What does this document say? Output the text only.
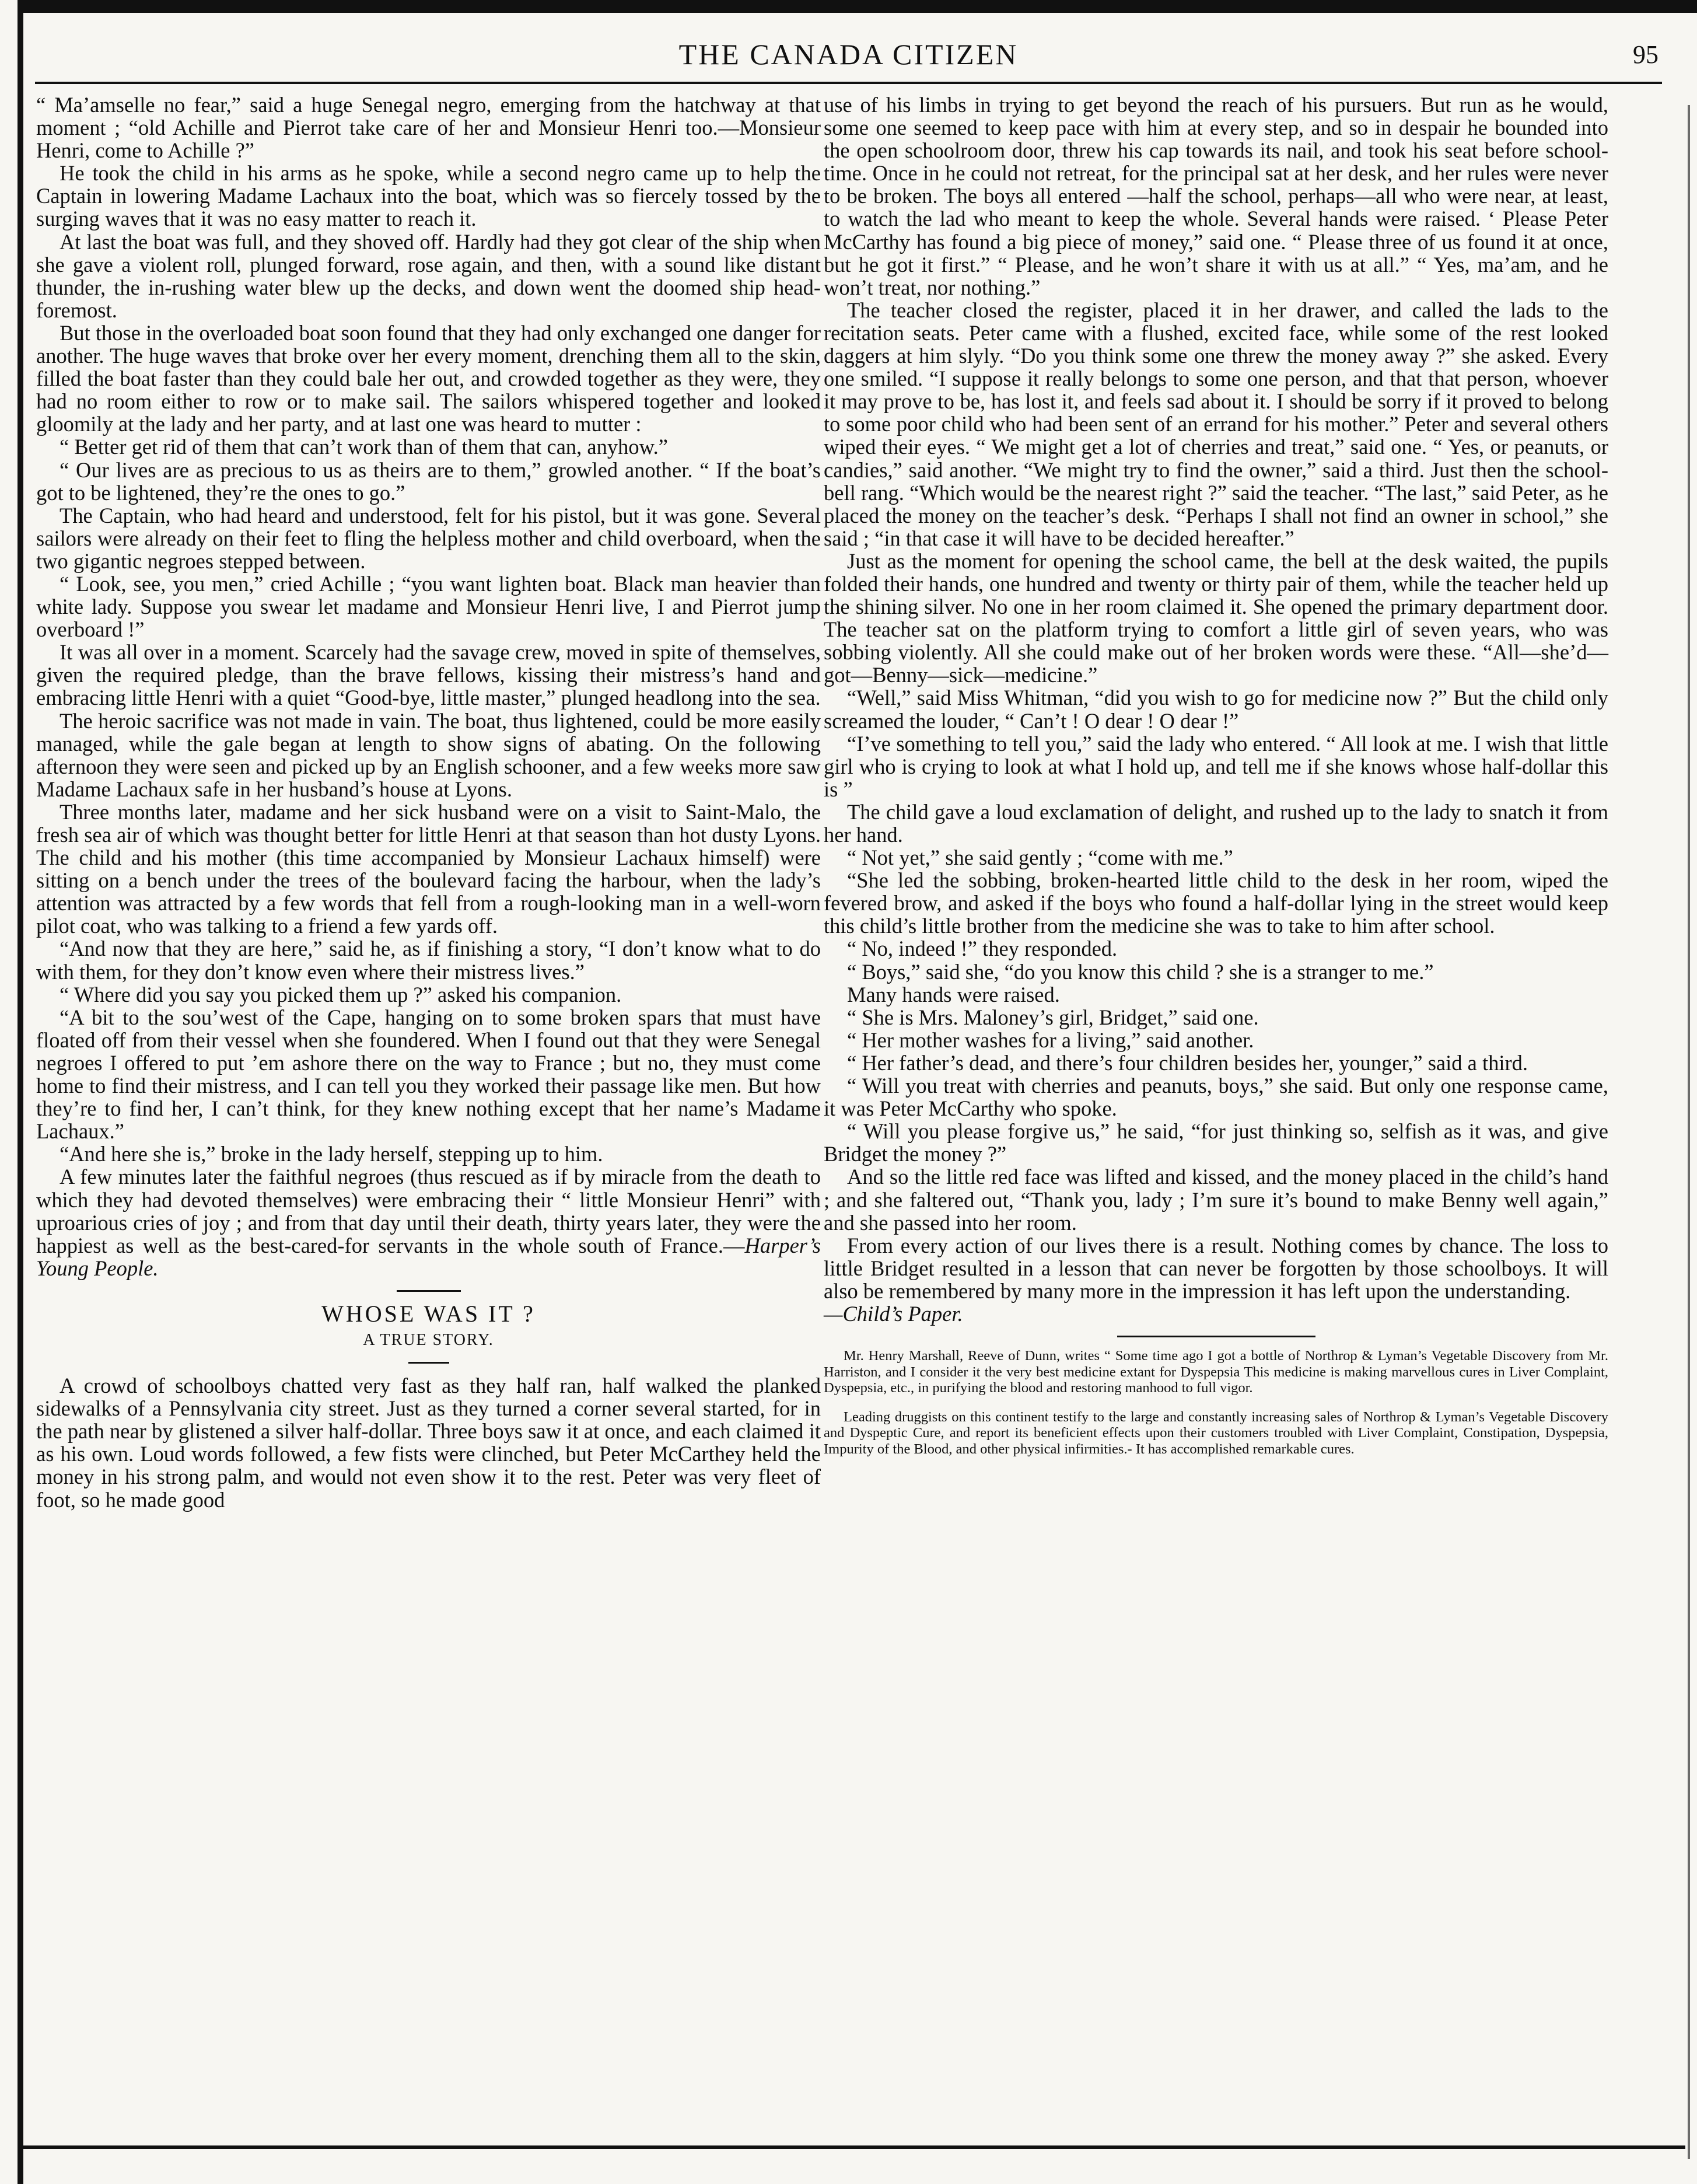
THE CANADA CITIZEN	95

“ Ma’amselle no fear,” said a huge Senegal negro, emerging from the hatchway at that moment ; “old Achille and Pierrot take care of her and Monsieur Henri too.—Monsieur Henri, come to Achille ?”

He took the child in his arms as he spoke, while a second negro came up to help the Captain in lowering Madame Lachaux into the boat, which was so fiercely tossed by the surging waves that it was no easy matter to reach it.

At last the boat was full, and they shoved off. Hardly had they got clear of the ship when she gave a violent roll, plunged forward, rose again, and then, with a sound like distant thunder, the in-rushing water blew up the decks, and down went the doomed ship head-foremost.

But those in the overloaded boat soon found that they had only exchanged one danger for another. The huge waves that broke over her every moment, drenching them all to the skin, filled the boat faster than they could bale her out, and crowded together as they were, they had no room either to row or to make sail. The sailors whispered together and looked gloomily at the lady and her party, and at last one was heard to mutter :

“ Better get rid of them that can’t work than of them that can, anyhow.”

“ Our lives are as precious to us as theirs are to them,” growled another. “ If the boat’s got to be lightened, they’re the ones to go.”

The Captain, who had heard and understood, felt for his pistol, but it was gone. Several sailors were already on their feet to fling the helpless mother and child overboard, when the two gigantic negroes stepped between.

“ Look, see, you men,” cried Achille ; “you want lighten boat. Black man heavier than white lady. Suppose you swear let madame and Monsieur Henri live, I and Pierrot jump overboard !”

It was all over in a moment. Scarcely had the savage crew, moved in spite of themselves, given the required pledge, than the brave fellows, kissing their mistress’s hand and embracing little Henri with a quiet “Good-bye, little master,” plunged headlong into the sea.

The heroic sacrifice was not made in vain. The boat, thus lightened, could be more easily managed, while the gale began at length to show signs of abating. On the following afternoon they were seen and picked up by an English schooner, and a few weeks more saw Madame Lachaux safe in her husband’s house at Lyons.

Three months later, madame and her sick husband were on a visit to Saint-Malo, the fresh sea air of which was thought better for little Henri at that season than hot dusty Lyons. The child and his mother (this time accompanied by Monsieur Lachaux himself) were sitting on a bench under the trees of the boulevard facing the harbour, when the lady’s attention was attracted by a few words that fell from a rough-looking man in a well-worn pilot coat, who was talking to a friend a few yards off.

“And now that they are here,” said he, as if finishing a story, “I don’t know what to do with them, for they don’t know even where their mistress lives.”

“ Where did you say you picked them up ?” asked his companion.

“A bit to the sou’west of the Cape, hanging on to some broken spars that must have floated off from their vessel when she foundered. When I found out that they were Senegal negroes I offered to put ’em ashore there on the way to France ; but no, they must come home to find their mistress, and I can tell you they worked their passage like men. But how they’re to find her, I can’t think, for they knew nothing except that her name’s Madame Lachaux.”

“And here she is,” broke in the lady herself, stepping up to him.

A few minutes later the faithful negroes (thus rescued as if by miracle from the death to which they had devoted themselves) were embracing their “ little Monsieur Henri” with uproarious cries of joy ; and from that day until their death, thirty years later, they were the happiest as well as the best-cared-for servants in the whole south of France.—Harper’s Young People.

WHOSE WAS IT ?
A TRUE STORY.

A crowd of schoolboys chatted very fast as they half ran, half walked the planked sidewalks of a Pennsylvania city street. Just as they turned a corner several started, for in the path near by glistened a silver half-dollar. Three boys saw it at once, and each claimed it as his own. Loud words followed, a few fists were clinched, but Peter McCarthey held the money in his strong palm, and would not even show it to the rest. Peter was very fleet of foot, so he made good

use of his limbs in trying to get beyond the reach of his pursuers. But run as he would, some one seemed to keep pace with him at every step, and so in despair he bounded into the open schoolroom door, threw his cap towards its nail, and took his seat before school-time. Once in he could not retreat, for the principal sat at her desk, and her rules were never to be broken. The boys all entered —half the school, perhaps—all who were near, at least, to watch the lad who meant to keep the whole. Several hands were raised. ‘ Please Peter McCarthy has found a big piece of money,” said one. “ Please three of us found it at once, but he got it first.” “ Please, and he won’t share it with us at all.” “ Yes, ma’am, and he won’t treat, nor nothing.”

The teacher closed the register, placed it in her drawer, and called the lads to the recitation seats. Peter came with a flushed, excited face, while some of the rest looked daggers at him slyly. “Do you think some one threw the money away ?” she asked. Every one smiled. “I suppose it really belongs to some one person, and that that person, whoever it may prove to be, has lost it, and feels sad about it. I should be sorry if it proved to belong to some poor child who had been sent of an errand for his mother.” Peter and several others wiped their eyes. “ We might get a lot of cherries and treat,” said one. “ Yes, or peanuts, or candies,” said another. “We might try to find the owner,” said a third. Just then the school-bell rang. “Which would be the nearest right ?” said the teacher. “The last,” said Peter, as he placed the money on the teacher’s desk. “Perhaps I shall not find an owner in school,” she said ; “in that case it will have to be decided hereafter.”

Just as the moment for opening the school came, the bell at the desk waited, the pupils folded their hands, one hundred and twenty or thirty pair of them, while the teacher held up the shining silver. No one in her room claimed it. She opened the primary department door. The teacher sat on the platform trying to comfort a little girl of seven years, who was sobbing violently. All she could make out of her broken words were these. “All—she’d—got—Benny—sick—medicine.”

“Well,” said Miss Whitman, “did you wish to go for medicine now ?” But the child only screamed the louder, “ Can’t ! O dear ! O dear !”

“I’ve something to tell you,” said the lady who entered. “ All look at me. I wish that little girl who is crying to look at what I hold up, and tell me if she knows whose half-dollar this is ”

The child gave a loud exclamation of delight, and rushed up to the lady to snatch it from her hand.

“ Not yet,” she said gently ; “come with me.”

“She led the sobbing, broken-hearted little child to the desk in her room, wiped the fevered brow, and asked if the boys who found a half-dollar lying in the street would keep this child’s little brother from the medicine she was to take to him after school.

“ No, indeed !” they responded.

“ Boys,” said she, “do you know this child ? she is a stranger to me.”

Many hands were raised.

“ She is Mrs. Maloney’s girl, Bridget,” said one.

“ Her mother washes for a living,” said another.

“ Her father’s dead, and there’s four children besides her, younger,” said a third.

“ Will you treat with cherries and peanuts, boys,” she said. But only one response came, it was Peter McCarthy who spoke.

“ Will you please forgive us,” he said, “for just thinking so, selfish as it was, and give Bridget the money ?”

And so the little red face was lifted and kissed, and the money placed in the child’s hand ; and she faltered out, “Thank you, lady ; I’m sure it’s bound to make Benny well again,” and she passed into her room.

From every action of our lives there is a result. Nothing comes by chance. The loss to little Bridget resulted in a lesson that can never be forgotten by those schoolboys. It will also be remembered by many more in the impression it has left upon the understanding.

—Child’s Paper.

Mr. Henry Marshall, Reeve of Dunn, writes “ Some time ago I got a bottle of Northrop & Lyman’s Vegetable Discovery from Mr. Harriston, and I consider it the very best medicine extant for Dyspepsia This medicine is making marvellous cures in Liver Complaint, Dyspepsia, etc., in purifying the blood and restoring manhood to full vigor.

Leading druggists on this continent testify to the large and constantly increasing sales of Northrop & Lyman’s Vegetable Discovery and Dyspeptic Cure, and report its beneficient effects upon their customers troubled with Liver Complaint, Constipation, Dyspepsia, Impurity of the Blood, and other physical infirmities.- It has accomplished remarkable cures.
